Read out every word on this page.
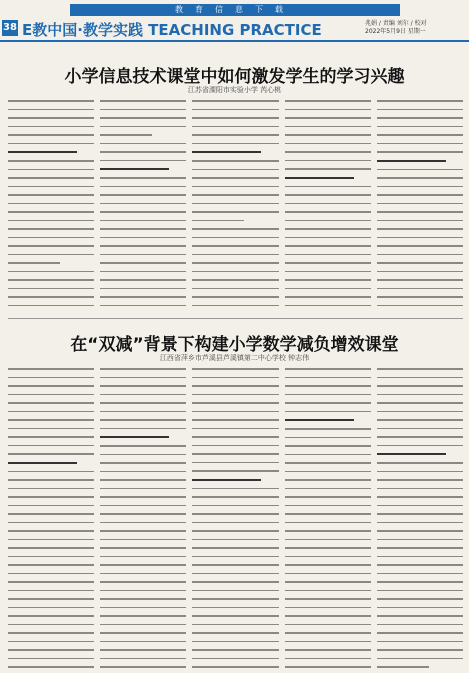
教育信息下载
38 E教中国·教学实践 TEACHING PRACTICE	兆娟 / 责编 刘尔 / 校对
2022年5月9日 星期一
小学信息技术课堂中如何激发学生的学习兴趣
江苏省溧阳市实验小学 芮心桃
在“双减”背景下构建小学数学减负增效课堂
江西省萍乡市芦溪县芦溪镇第二中心学校 钟志伟
